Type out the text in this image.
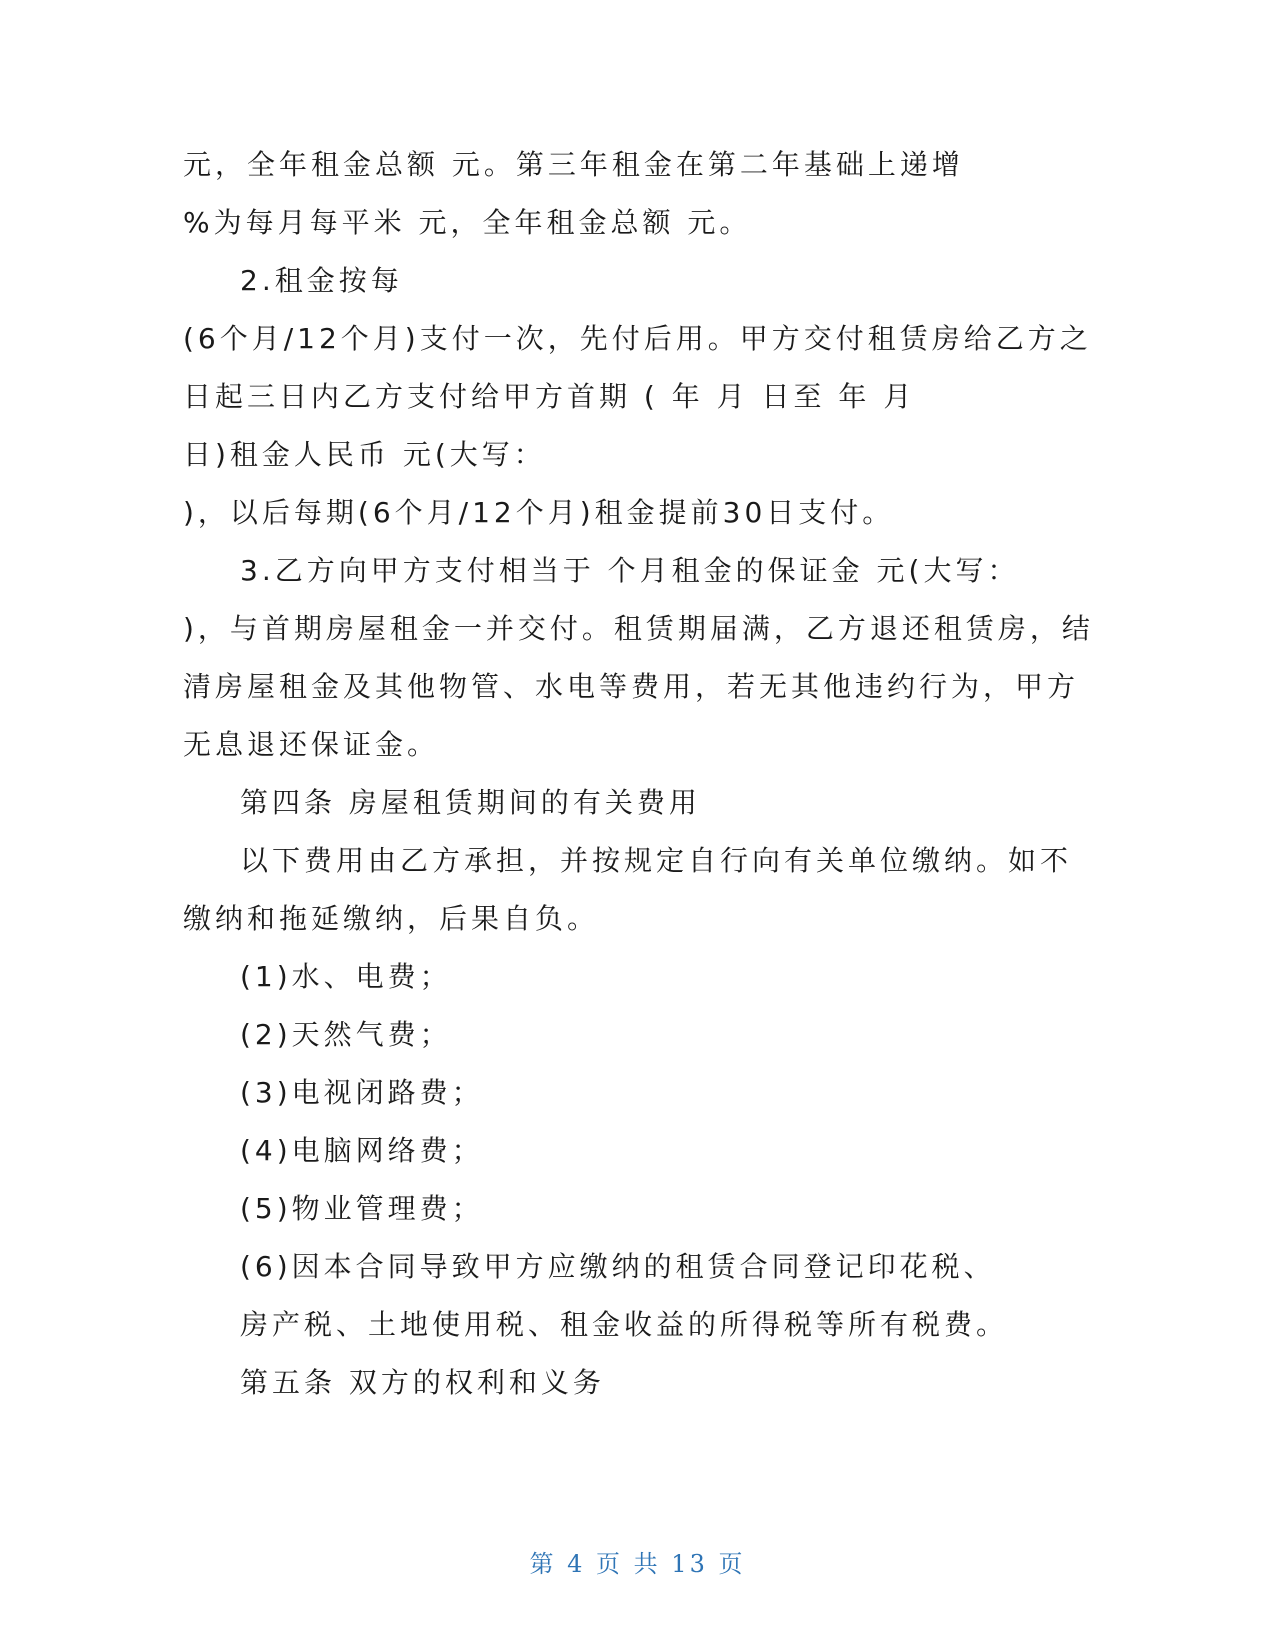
元，全年租金总额 元。第三年租金在第二年基础上递增
%为每月每平米 元，全年租金总额 元。
2.租金按每
(6个月/12个月)支付一次，先付后用。甲方交付租赁房给乙方之
日起三日内乙方支付给甲方首期 ( 年 月 日至 年 月
日)租金人民币 元(大写：
)，以后每期(6个月/12个月)租金提前30日支付。
3.乙方向甲方支付相当于 个月租金的保证金 元(大写：
)，与首期房屋租金一并交付。租赁期届满，乙方退还租赁房，结
清房屋租金及其他物管、水电等费用，若无其他违约行为，甲方
无息退还保证金。
第四条 房屋租赁期间的有关费用
以下费用由乙方承担，并按规定自行向有关单位缴纳。如不
缴纳和拖延缴纳，后果自负。
(1)水、电费；
(2)天然气费；
(3)电视闭路费；
(4)电脑网络费；
(5)物业管理费；
(6)因本合同导致甲方应缴纳的租赁合同登记印花税、
房产税、土地使用税、租金收益的所得税等所有税费。
第五条 双方的权利和义务
第 4 页 共 13 页
